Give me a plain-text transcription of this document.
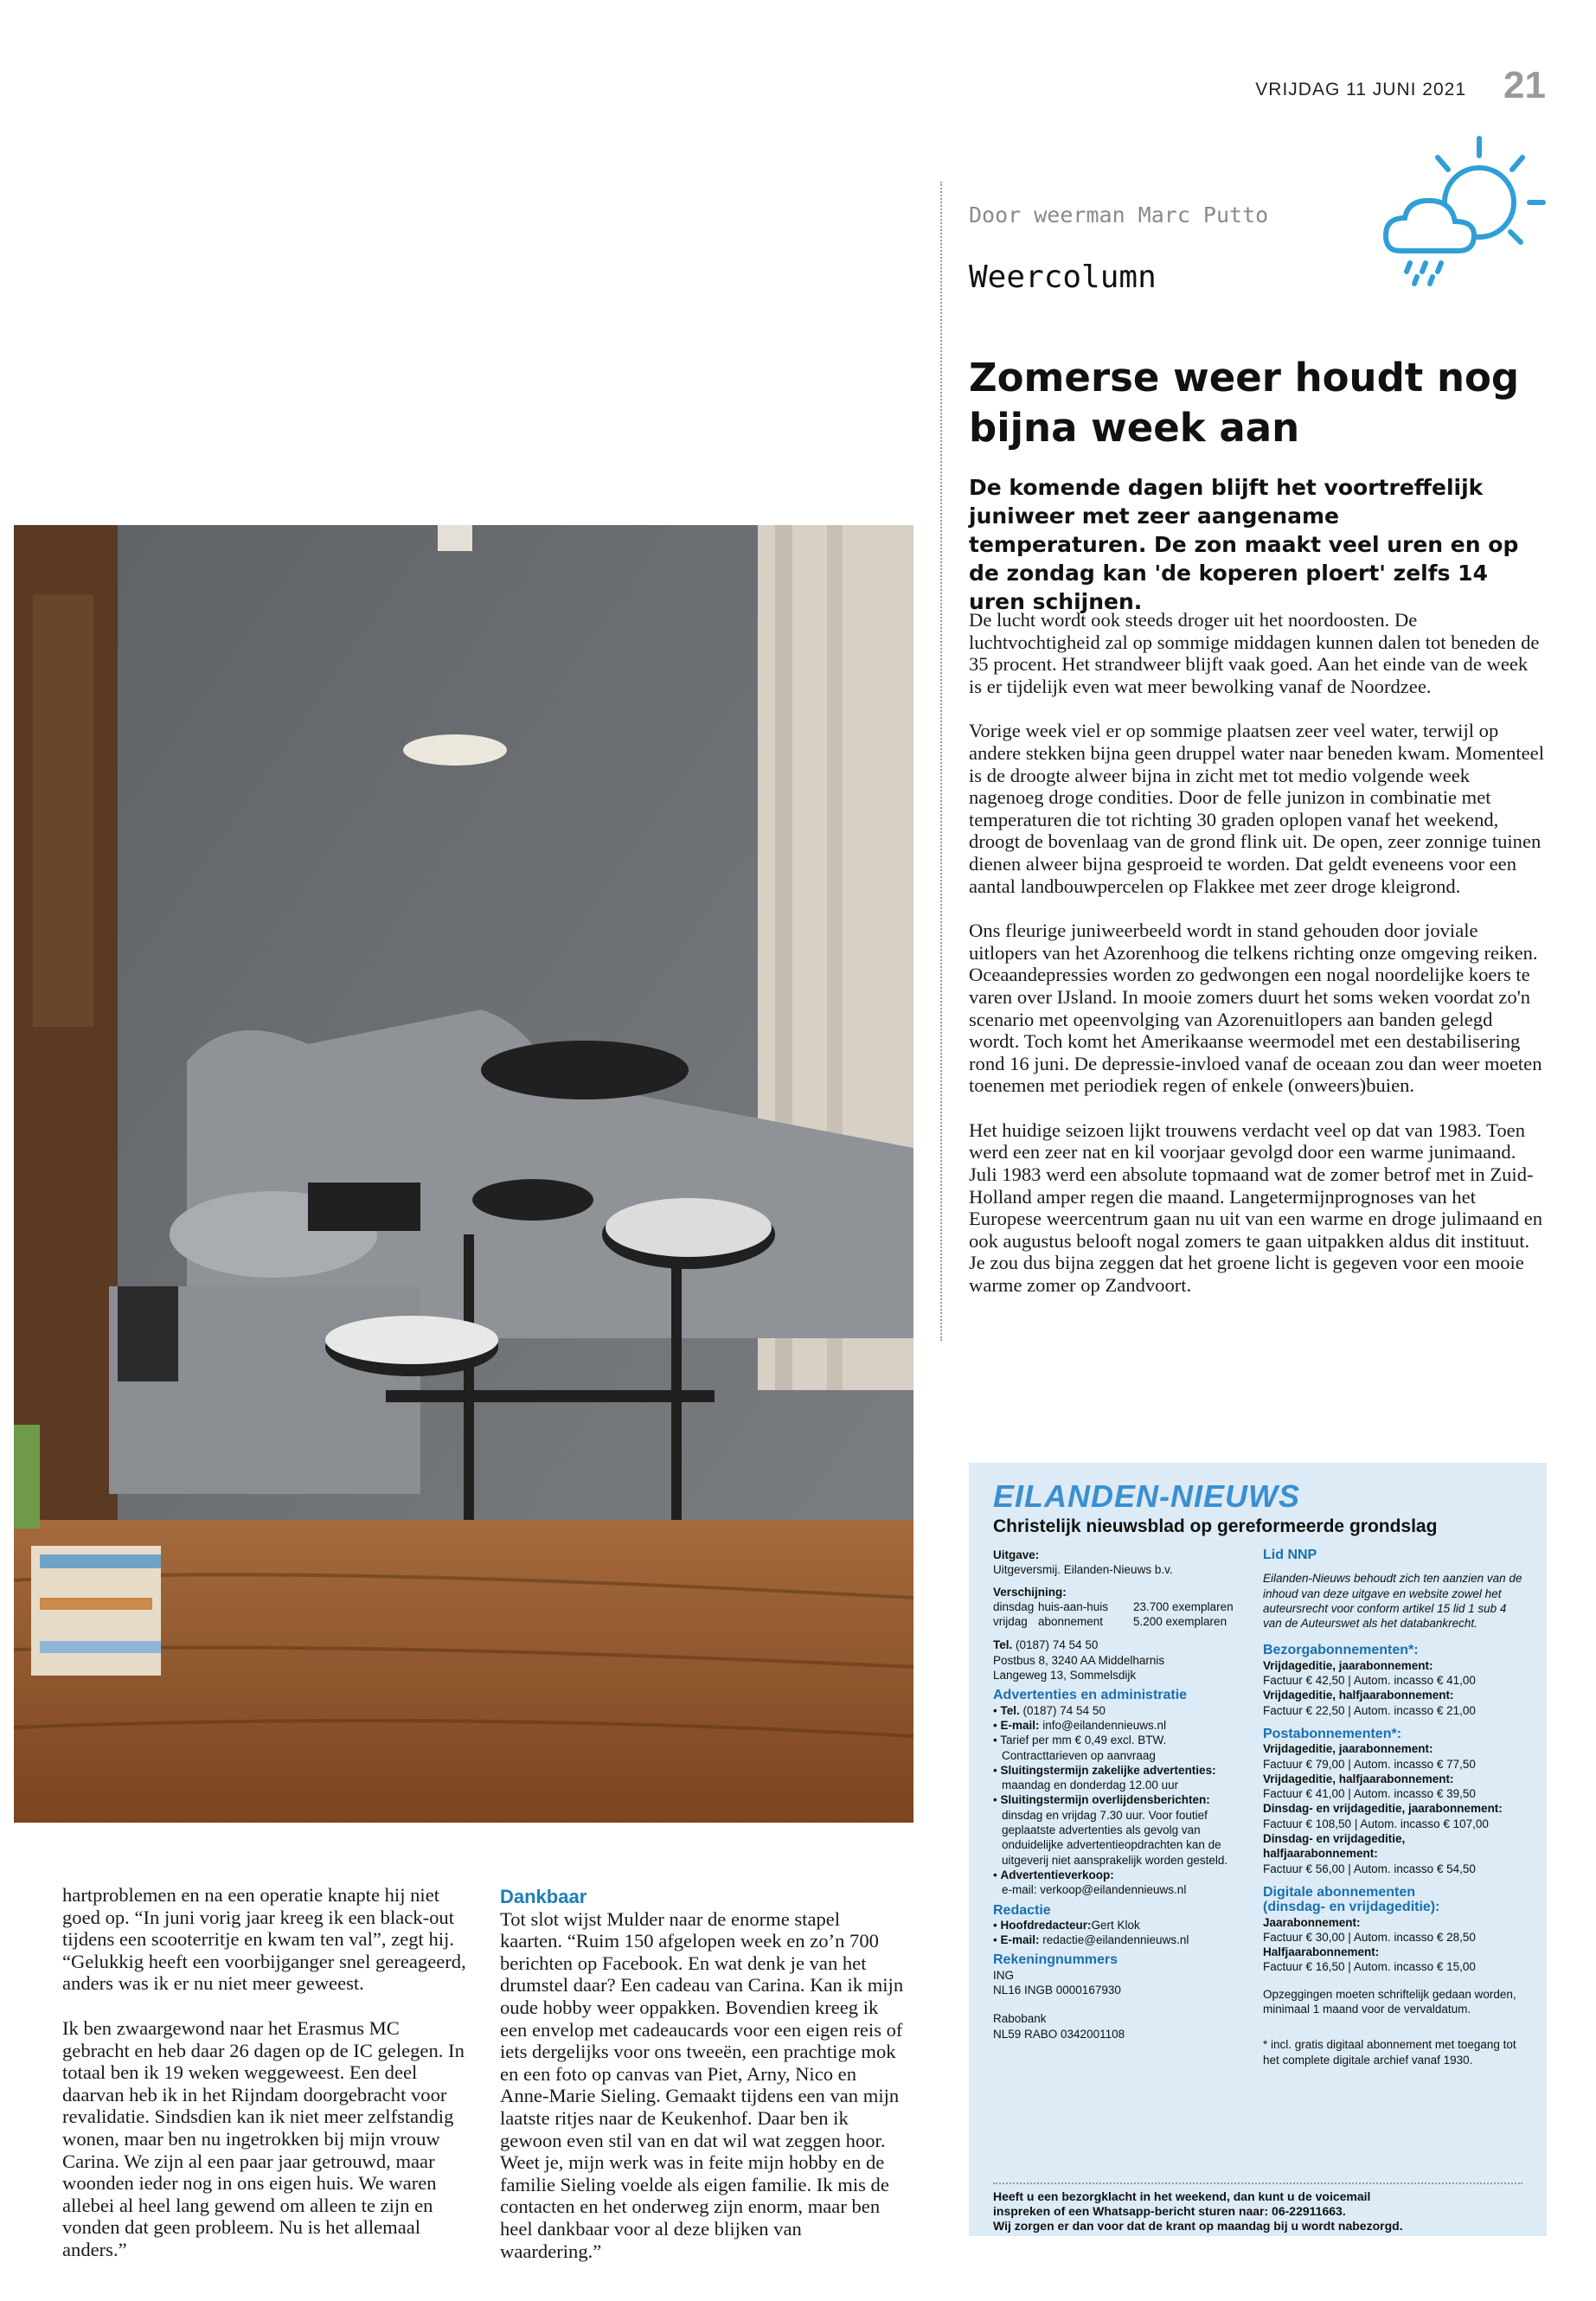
VRIJDAG 11 JUNI 2021 21
Door weerman Marc Putto
Weercolumn
Zomerse weer houdt nog bijna week aan
De komende dagen blijft het voortreffelijk juniweer met zeer aangename temperaturen. De zon maakt veel uren en op de zondag kan 'de koperen ploert' zelfs 14 uren schijnen.

De lucht wordt ook steeds droger uit het noordoosten. De luchtvochtigheid zal op sommige middagen kunnen dalen tot beneden de 35 procent. Het strandweer blijft vaak goed. Aan het einde van de week is er tijdelijk even wat meer bewolking vanaf de Noordzee.

Vorige week viel er op sommige plaatsen zeer veel water, terwijl op andere stekken bijna geen druppel water naar beneden kwam. Momenteel is de droogte alweer bijna in zicht met tot medio volgende week nagenoeg droge condities. Door de felle junizon in combinatie met temperaturen die tot richting 30 graden oplopen vanaf het weekend, droogt de bovenlaag van de grond flink uit. De open, zeer zonnige tuinen dienen alweer bijna gesproeid te worden. Dat geldt eveneens voor een aantal landbouwpercelen op Flakkee met zeer droge kleigrond.

Ons fleurige juniweerbeeld wordt in stand gehouden door joviale uitlopers van het Azorenhoog die telkens richting onze omgeving reiken. Oceaandepressies worden zo gedwongen een nogal noordelijke koers te varen over IJsland. In mooie zomers duurt het soms weken voordat zo'n scenario met opeenvolging van Azorenuitlopers aan banden gelegd wordt. Toch komt het Amerikaanse weermodel met een destabilisering rond 16 juni. De depressie-invloed vanaf de oceaan zou dan weer moeten toenemen met periodiek regen of enkele (onweers)buien.

Het huidige seizoen lijkt trouwens verdacht veel op dat van 1983. Toen werd een zeer nat en kil voorjaar gevolgd door een warme junimaand. Juli 1983 werd een absolute topmaand wat de zomer betrof met in Zuid-Holland amper regen die maand. Langetermijnprognoses van het Europese weercentrum gaan nu uit van een warme en droge julimaand en ook augustus belooft nogal zomers te gaan uitpakken aldus dit instituut. Je zou dus bijna zeggen dat het groene licht is gegeven voor een mooie warme zomer op Zandvoort.

hartproblemen en na een operatie knapte hij niet goed op. “In juni vorig jaar kreeg ik een black-out tijdens een scooterritje en kwam ten val”, zegt hij. “Gelukkig heeft een voorbijganger snel gereageerd, anders was ik er nu niet meer geweest.

Ik ben zwaargewond naar het Erasmus MC gebracht en heb daar 26 dagen op de IC gelegen. In totaal ben ik 19 weken weggeweest. Een deel daarvan heb ik in het Rijndam doorgebracht voor revalidatie. Sindsdien kan ik niet meer zelfstandig wonen, maar ben nu ingetrokken bij mijn vrouw Carina. We zijn al een paar jaar getrouwd, maar woonden ieder nog in ons eigen huis. We waren allebei al heel lang gewend om alleen te zijn en vonden dat geen probleem. Nu is het allemaal anders.”

Dankbaar

Tot slot wijst Mulder naar de enorme stapel kaarten. “Ruim 150 afgelopen week en zo’n 700 berichten op Facebook. En wat denk je van het drumstel daar? Een cadeau van Carina. Kan ik mijn oude hobby weer oppakken. Bovendien kreeg ik een envelop met cadeaucards voor een eigen reis of iets dergelijks voor ons tweeën, een prachtige mok en een foto op canvas van Piet, Arny, Nico en Anne-Marie Sieling. Gemaakt tijdens een van mijn laatste ritjes naar de Keukenhof. Daar ben ik gewoon even stil van en dat wil wat zeggen hoor. Weet je, mijn werk was in feite mijn hobby en de familie Sieling voelde als eigen familie. Ik mis de contacten en het onderweg zijn enorm, maar ben heel dankbaar voor al deze blijken van waardering.”

EILANDEN-NIEUWS
Christelijk nieuwsblad op gereformeerde grondslag
Uitgave:
Uitgeversmij. Eilanden-Nieuws b.v.
Verschijning:
dinsdag huis-aan-huis 23.700 exemplaren
vrijdag abonnement	5.200 exemplaren
Tel. (0187) 74 54 50
Postbus 8, 3240 AA Middelharnis
Langeweg 13, Sommelsdijk
Advertenties en administratie
• Tel. (0187) 74 54 50
• E-mail: info@eilandennieuws.nl
• Tarief per mm € 0,49 excl. BTW.
Contracttarieven op aanvraag
• Sluitingstermijn zakelijke advertenties:
maandag en donderdag 12.00 uur
• Sluitingstermijn overlijdensberichten:
dinsdag en vrijdag 7.30 uur. Voor foutief
geplaatste advertenties als gevolg van
onduidelijke advertentieopdrachten kan de
uitgeverij niet aansprakelijk worden gesteld.
• Advertentieverkoop:
e-mail: verkoop@eilandennieuws.nl
Redactie
• Hoofdredacteur:Gert Klok
• E-mail: redactie@eilandennieuws.nl
Rekeningnummers
ING
NL16 INGB 0000167930
Rabobank
NL59 RABO 0342001108
Lid NNP
Eilanden-Nieuws behoudt zich ten aanzien van de inhoud van deze uitgave en website zowel het auteursrecht voor conform artikel 15 lid 1 sub 4 van de Auteurswet als het databankrecht.
Bezorgabonnementen*:
Vrijdageditie, jaarabonnement:
Factuur € 42,50 | Autom. incasso € 41,00
Vrijdageditie, halfjaarabonnement:
Factuur € 22,50 | Autom. incasso € 21,00
Postabonnementen*:
Vrijdageditie, jaarabonnement:
Factuur € 79,00 | Autom. incasso € 77,50
Vrijdageditie, halfjaarabonnement:
Factuur € 41,00 | Autom. incasso € 39,50
Dinsdag- en vrijdageditie, jaarabonnement:
Factuur € 108,50 | Autom. incasso € 107,00
Dinsdag- en vrijdageditie, halfjaarabonnement:
Factuur € 56,00 | Autom. incasso € 54,50
Digitale abonnementen
(dinsdag- en vrijdageditie):
Jaarabonnement:
Factuur € 30,00 | Autom. incasso € 28,50
Halfjaarabonnement:
Factuur € 16,50 | Autom. incasso € 15,00
Opzeggingen moeten schriftelijk gedaan worden,
minimaal 1 maand voor de vervaldatum.
* incl. gratis digitaal abonnement met toegang tot
het complete digitale archief vanaf 1930.
Heeft u een bezorgklacht in het weekend, dan kunt u de voicemail
inspreken of een Whatsapp-bericht sturen naar: 06-22911663.
Wij zorgen er dan voor dat de krant op maandag bij u wordt nabezorgd.
